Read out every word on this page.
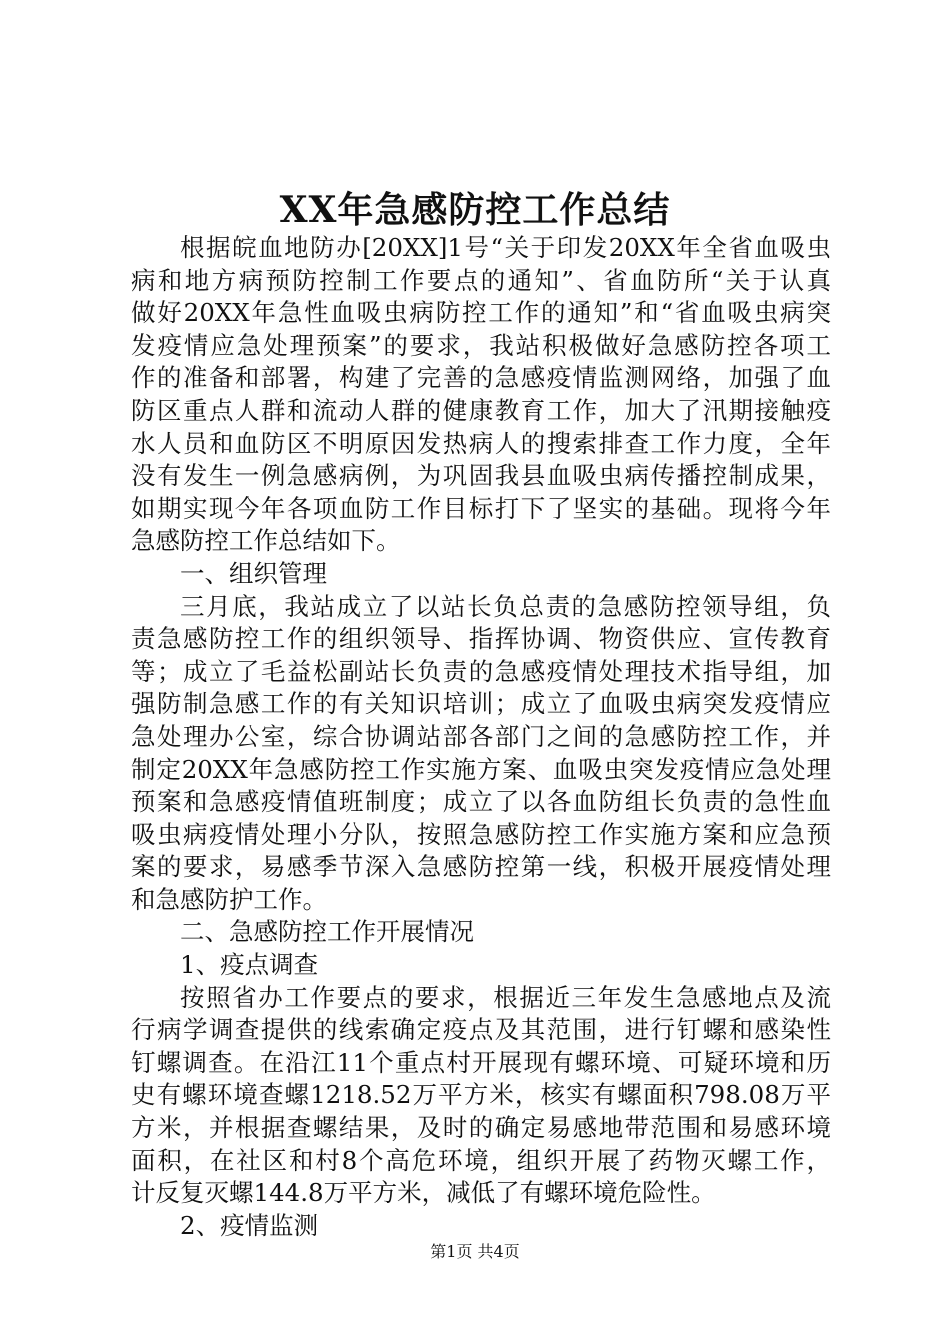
XX年急感防控工作总结
根据皖血地防办[20XX]1号“关于印发20XX年全省血吸虫
病和地方病预防控制工作要点的通知”、省血防所“关于认真
做好20XX年急性血吸虫病防控工作的通知”和“省血吸虫病突
发疫情应急处理预案”的要求，我站积极做好急感防控各项工
作的准备和部署，构建了完善的急感疫情监测网络，加强了血
防区重点人群和流动人群的健康教育工作，加大了汛期接触疫
水人员和血防区不明原因发热病人的搜索排查工作力度，全年
没有发生一例急感病例，为巩固我县血吸虫病传播控制成果，
如期实现今年各项血防工作目标打下了坚实的基础。现将今年
急感防控工作总结如下。
一、组织管理
三月底，我站成立了以站长负总责的急感防控领导组，负
责急感防控工作的组织领导、指挥协调、物资供应、宣传教育
等；成立了毛益松副站长负责的急感疫情处理技术指导组，加
强防制急感工作的有关知识培训；成立了血吸虫病突发疫情应
急处理办公室，综合协调站部各部门之间的急感防控工作，并
制定20XX年急感防控工作实施方案、血吸虫突发疫情应急处理
预案和急感疫情值班制度；成立了以各血防组长负责的急性血
吸虫病疫情处理小分队，按照急感防控工作实施方案和应急预
案的要求，易感季节深入急感防控第一线，积极开展疫情处理
和急感防护工作。
二、急感防控工作开展情况
1、疫点调查
按照省办工作要点的要求，根据近三年发生急感地点及流
行病学调查提供的线索确定疫点及其范围，进行钉螺和感染性
钉螺调查。在沿江11个重点村开展现有螺环境、可疑环境和历
史有螺环境查螺1218.52万平方米，核实有螺面积798.08万平
方米，并根据查螺结果，及时的确定易感地带范围和易感环境
面积，在社区和村8个高危环境，组织开展了药物灭螺工作，
计反复灭螺144.8万平方米，减低了有螺环境危险性。
2、疫情监测
第1页 共4页
